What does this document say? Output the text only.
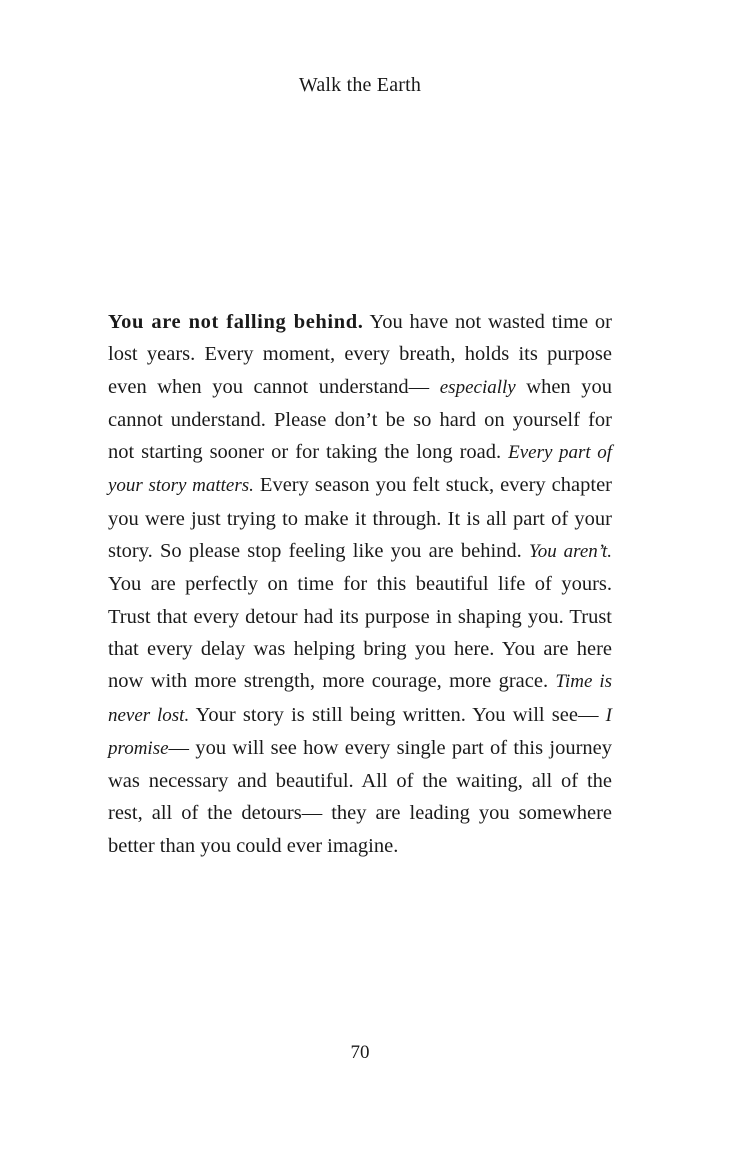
Walk the Earth

You are not falling behind. You have not wasted time or lost years. Every moment, every breath, holds its purpose even when you cannot understand— especially when you cannot understand. Please don’t be so hard on yourself for not starting sooner or for taking the long road. Every part of your story matters. Every season you felt stuck, every chapter you were just trying to make it through. It is all part of your story. So please stop feeling like you are behind. You aren’t. You are perfectly on time for this beautiful life of yours. Trust that every detour had its purpose in shaping you. Trust that every delay was helping bring you here. You are here now with more strength, more courage, more grace. Time is never lost. Your story is still being written. You will see— I promise— you will see how every single part of this journey was necessary and beautiful. All of the waiting, all of the rest, all of the detours— they are leading you somewhere better than you could ever imagine.

70
